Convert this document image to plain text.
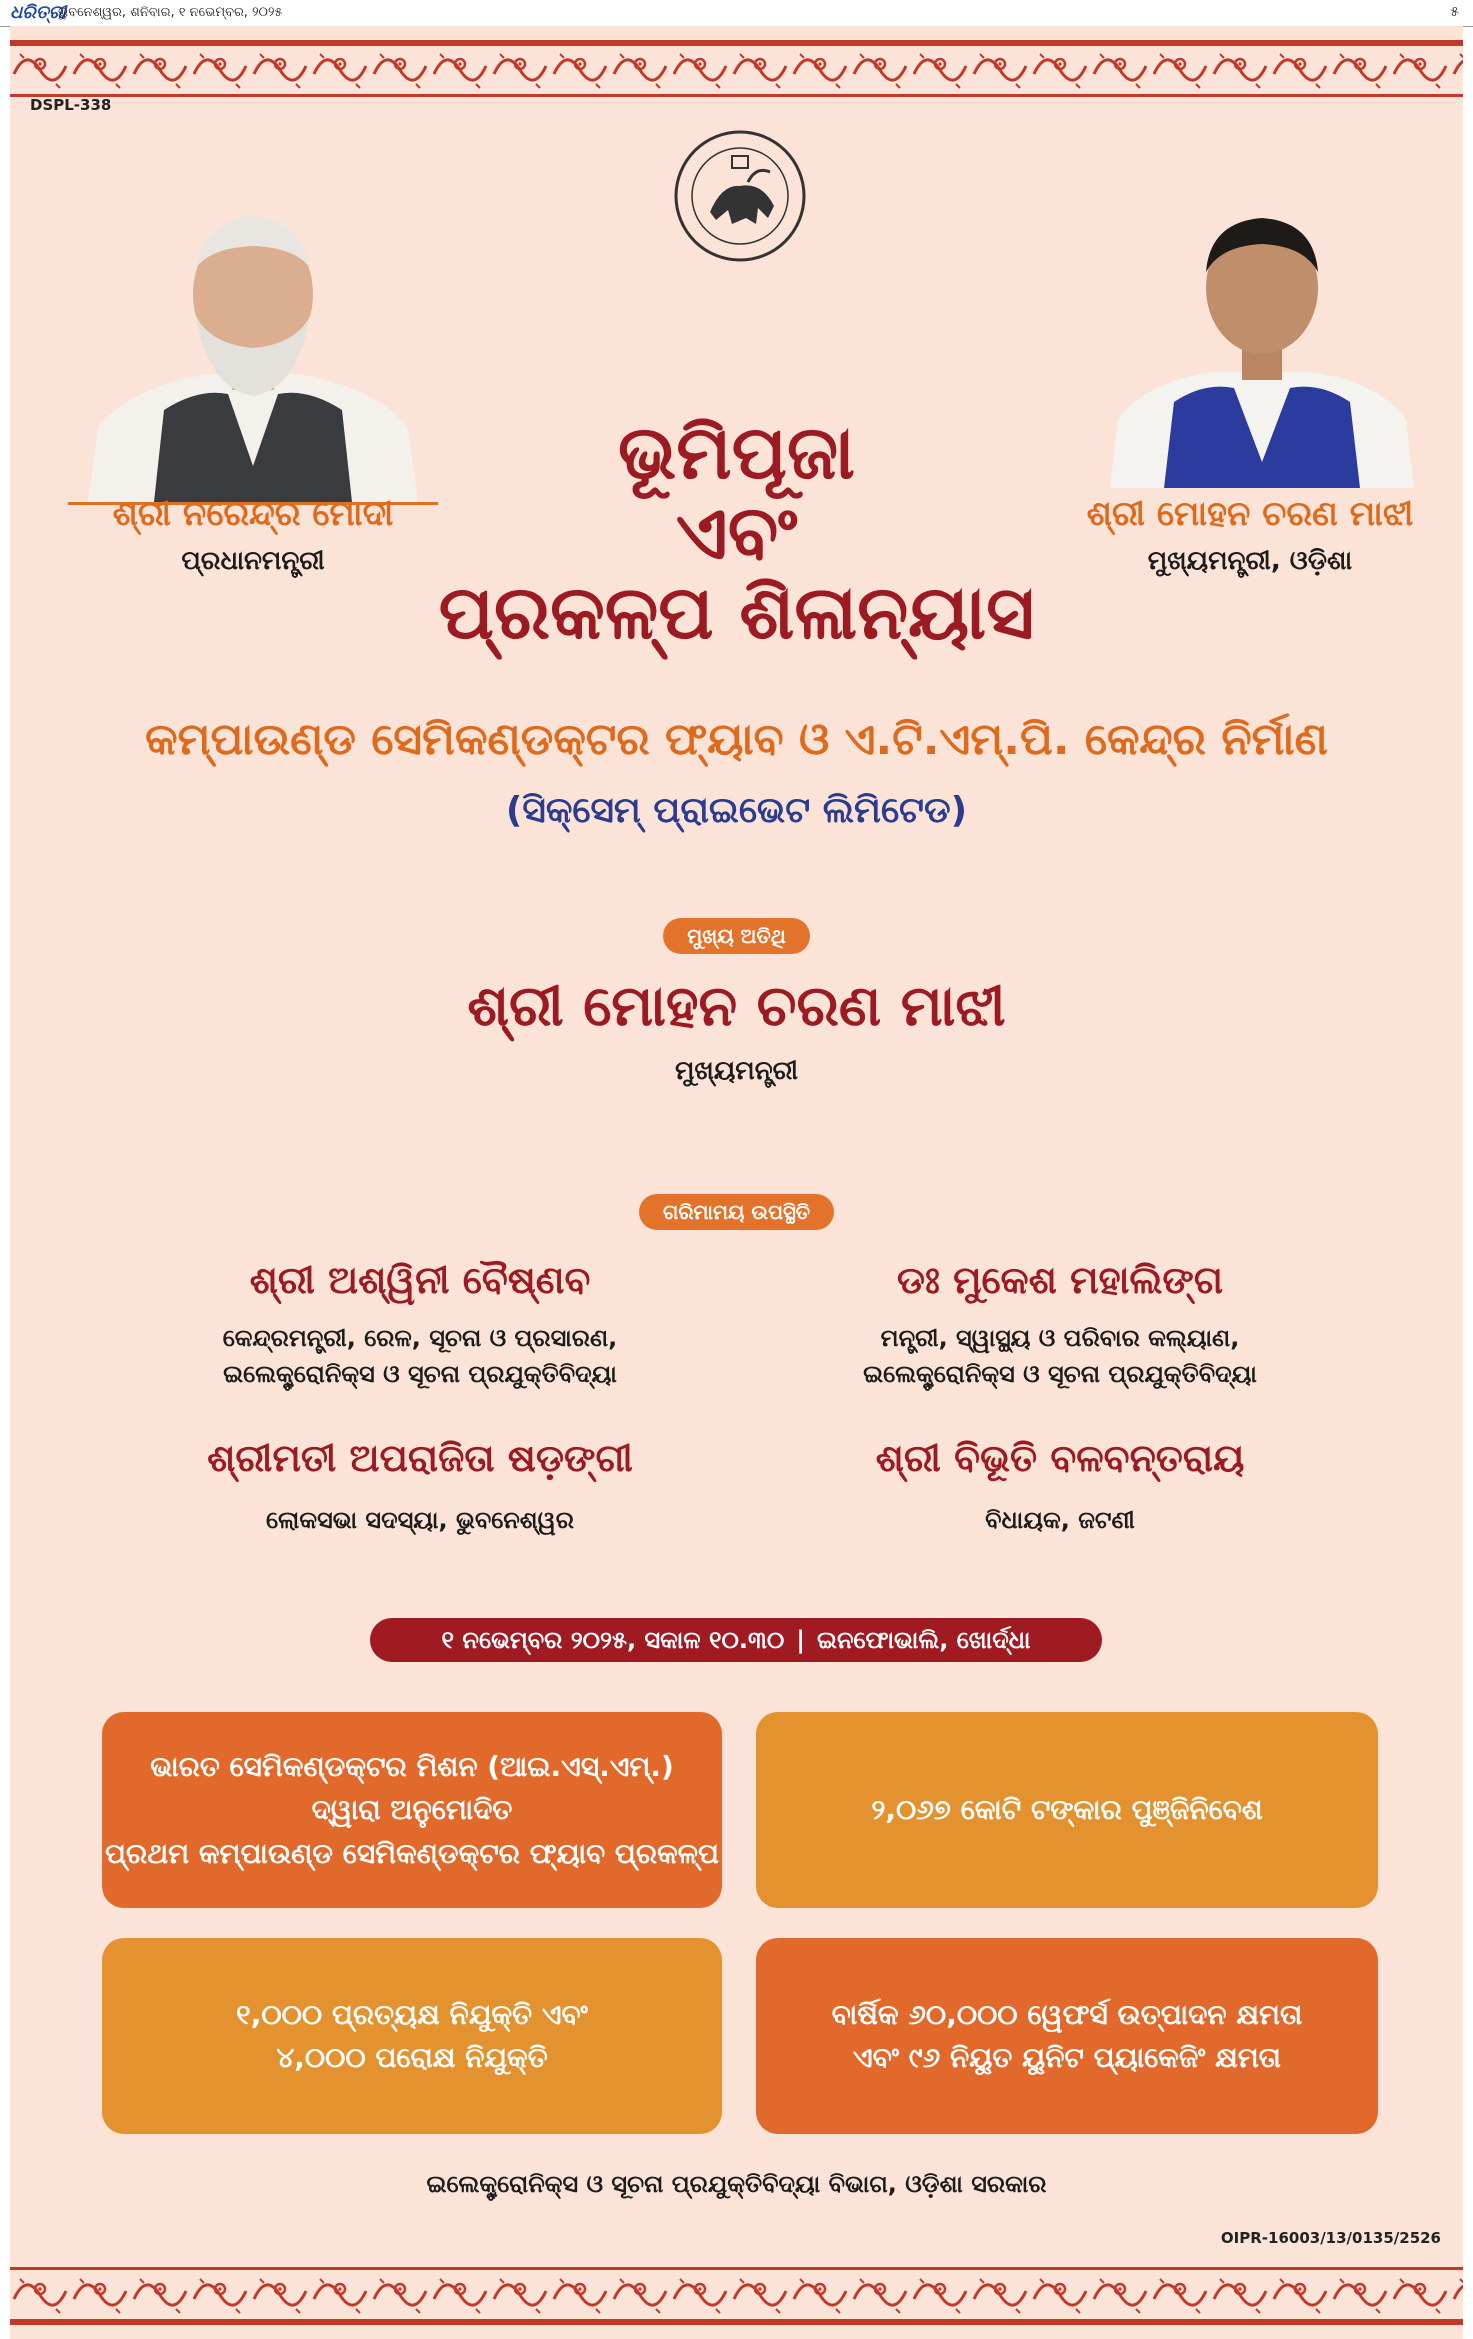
ଧରିତ୍ରୀ
ଭୁବନେଶ୍ୱର, ଶନିବାର, ୧ ନଭେମ୍ବର, ୨୦୨୫	୫
DSPL-338
OIPR-16003/13/0135/2526
ଶ୍ରୀ ନରେନ୍ଦ୍ର ମୋଦୀ
ପ୍ରଧାନମନ୍ତ୍ରୀ
ଶ୍ରୀ ମୋହନ ଚରଣ ମାଝୀ
ମୁଖ୍ୟମନ୍ତ୍ରୀ, ଓଡ଼ିଶା
ଭୂମିପୂଜା
ଏବଂ
ପ୍ରକଳ୍ପ ଶିଳାନ୍ୟାସ
କମ୍ପାଉଣ୍ଡ ସେମିକଣ୍ଡକ୍ଟର ଫ୍ୟାବ ଓ ଏ.ଟି.ଏମ୍.ପି. କେନ୍ଦ୍ର ନିର୍ମାଣ
(ସିକ୍ସେମ୍ ପ୍ରାଇଭେଟ ଲିମିଟେଡ)
ମୁଖ୍ୟ ଅତିଥି
ଶ୍ରୀ ମୋହନ ଚରଣ ମାଝୀ
ମୁଖ୍ୟମନ୍ତ୍ରୀ
ଗରିମାମୟ ଉପସ୍ଥିତି
ଶ୍ରୀ ଅଶ୍ୱିନୀ ବୈଷ୍ଣବ
କେନ୍ଦ୍ରମନ୍ତ୍ରୀ, ରେଳ, ସୂଚନା ଓ ପ୍ରସାରଣ,
ଇଲେକ୍ଟ୍ରୋନିକ୍ସ ଓ ସୂଚନା ପ୍ରଯୁକ୍ତିବିଦ୍ୟା
ଡଃ ମୁକେଶ ମହାଲିଙ୍ଗ
ମନ୍ତ୍ରୀ, ସ୍ୱାସ୍ଥ୍ୟ ଓ ପରିବାର କଲ୍ୟାଣ,
ଇଲେକ୍ଟ୍ରୋନିକ୍ସ ଓ ସୂଚନା ପ୍ରଯୁକ୍ତିବିଦ୍ୟା
ଶ୍ରୀମତୀ ଅପରାଜିତା ଷଡ଼ଙ୍ଗୀ
ଲୋକସଭା ସଦସ୍ୟା, ଭୁବନେଶ୍ୱର
ଶ୍ରୀ ବିଭୂତି ବଳବନ୍ତରାୟ
ବିଧାୟକ, ଜଟଣୀ
୧ ନଭେମ୍ବର ୨୦୨୫, ସକାଳ ୧୦.୩୦ | ଇନଫୋଭାଲି, ଖୋର୍ଦ୍ଧା
ଭାରତ ସେମିକଣ୍ଡକ୍ଟର ମିଶନ (ଆଇ.ଏସ୍.ଏମ୍.)
ଦ୍ୱାରା ଅନୁମୋଦିତ
ପ୍ରଥମ କମ୍ପାଉଣ୍ଡ ସେମିକଣ୍ଡକ୍ଟର ଫ୍ୟାବ ପ୍ରକଳ୍ପ
୨,୦୬୭ କୋଟି ଟଙ୍କାର ପୁଞ୍ଜିନିବେଶ
୧,୦୦୦ ପ୍ରତ୍ୟକ୍ଷ ନିଯୁକ୍ତି ଏବଂ
୪,୦୦୦ ପରୋକ୍ଷ ନିଯୁକ୍ତି
ବାର୍ଷିକ ୬୦,୦୦୦ ୱେଫର୍ସ ଉତ୍ପାଦନ କ୍ଷମତା
ଏବଂ ୯୬ ନିୟୁତ ୟୁନିଟ ପ୍ୟାକେଜିଂ କ୍ଷମତା
ଇଲେକ୍ଟ୍ରୋନିକ୍ସ ଓ ସୂଚନା ପ୍ରଯୁକ୍ତିବିଦ୍ୟା ବିଭାଗ, ଓଡ଼ିଶା ସରକାର
